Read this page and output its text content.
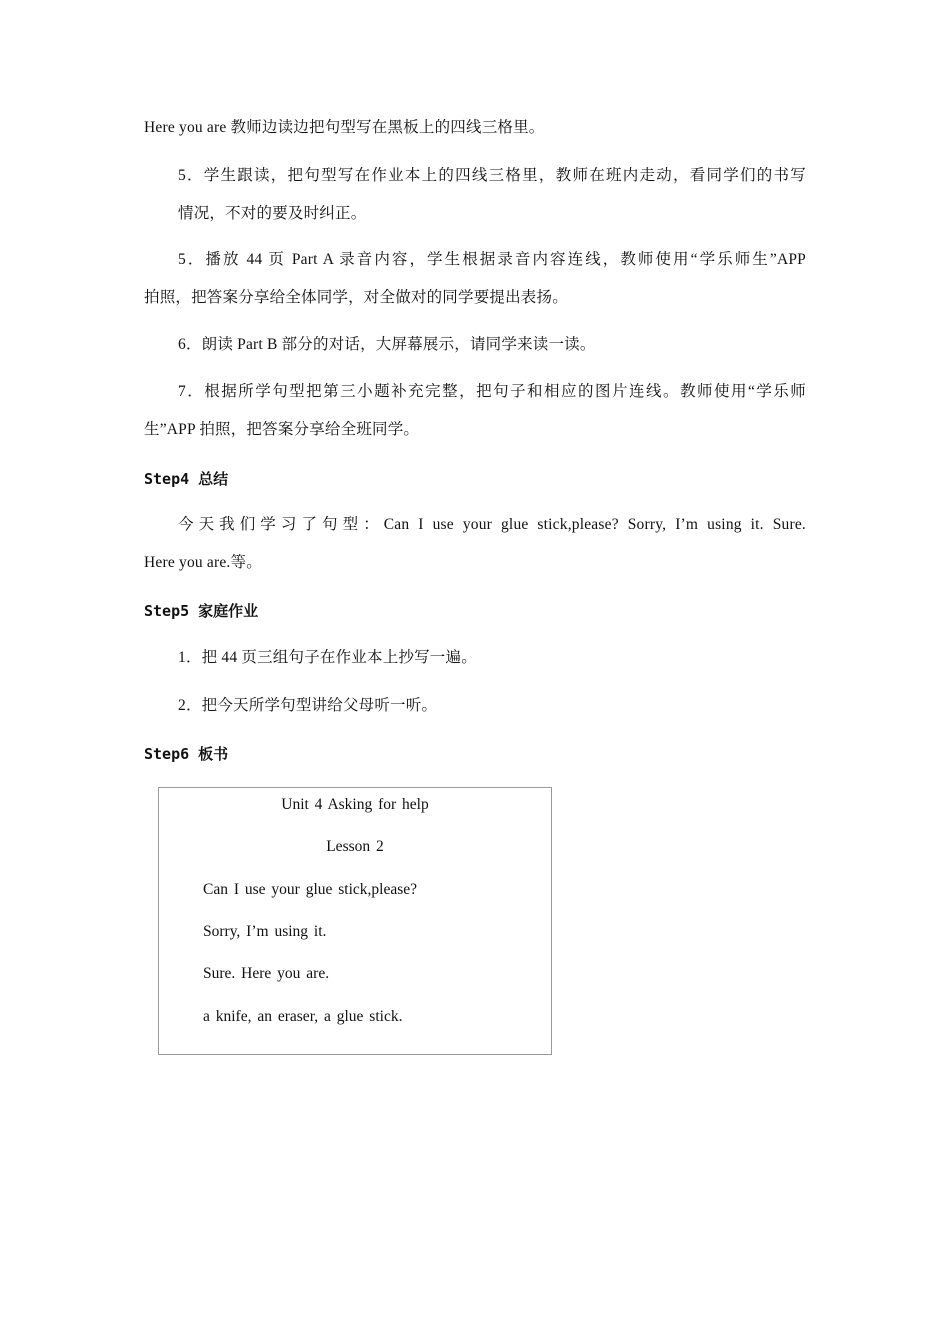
Here you are 教师边读边把句型写在黑板上的四线三格里。
5．学生跟读，把句型写在作业本上的四线三格里，教师在班内走动，看同学们的书写
情况，不对的要及时纠正。
5．播放 44 页 Part A 录音内容，学生根据录音内容连线，教师使用“学乐师生”APP
拍照，把答案分享给全体同学，对全做对的同学要提出表扬。
6．朗读 Part B 部分的对话，大屏幕展示，请同学来读一读。
7．根据所学句型把第三小题补充完整，把句子和相应的图片连线。教师使用“学乐师
生”APP 拍照，把答案分享给全班同学。
Step4 总结
今天我们学习了句型：Can I use your glue stick,please? Sorry, I’m using it. Sure.
Here you are.等。
Step5 家庭作业
1．把 44 页三组句子在作业本上抄写一遍。
2．把今天所学句型讲给父母听一听。
Step6 板书
Unit 4 Asking for help
Lesson 2
Can I use your glue stick,please?
Sorry, I’m using it.
Sure. Here you are.
a knife, an eraser, a glue stick.
